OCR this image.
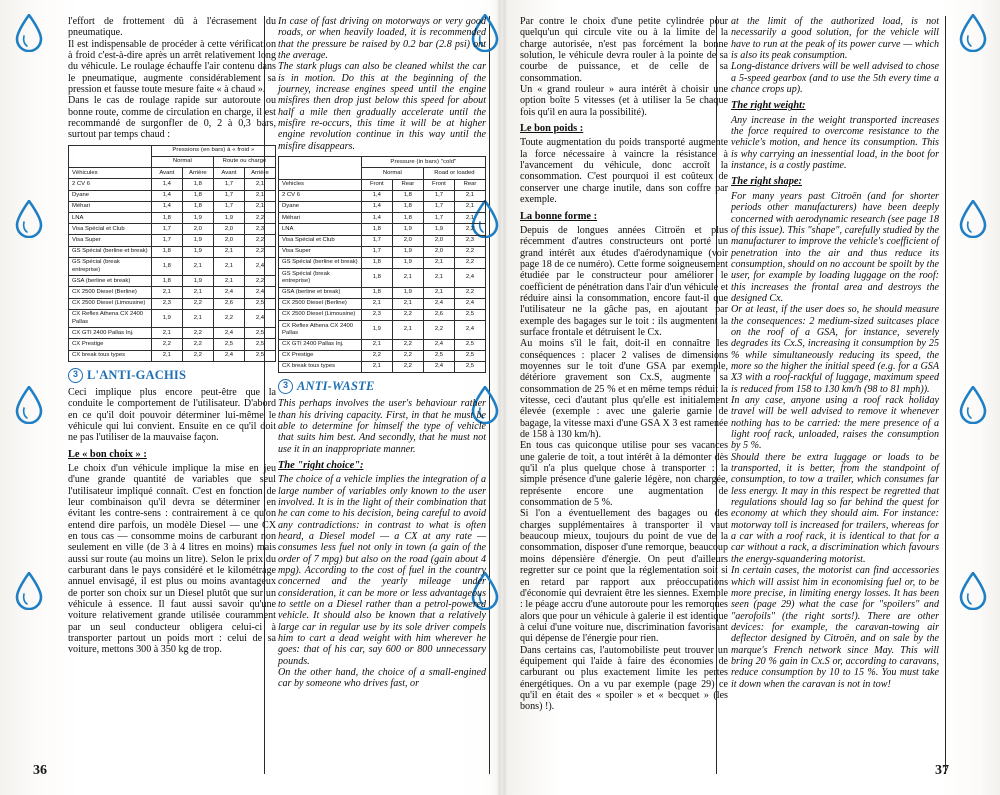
l'effort de frottement dû à l'écrasement du pneumatique.

Il est indispensable de procéder à cette vérification à froid c'est-à-dire après un arrêt relativement long du véhicule. Le roulage échauffe l'air contenu dans le pneumatique, augmente considérablement sa pression et fausse toute mesure faite « à chaud ».

Dans le cas de roulage rapide sur autoroute ou bonne route, comme de circulation en charge, il est recommandé de surgonfler de 0, 2 à 0,3 bars, surtout par temps chaud :

	Pressions (en bars) à « froid »			
	Normal		Route ou chargé	
Véhicules	Avant	Arrière	Avant	Arrière
2 CV 6	1,4	1,8	1,7	2,1
Dyane	1,4	1,8	1,7	2,1
Méhari	1,4	1,8	1,7	2,1
LNA	1,8	1,9	1,9	2,2
Visa Spécial et Club	1,7	2,0	2,0	2,3
Visa Super	1,7	1,9	2,0	2,2
GS Spécial (berline et break)	1,8	1,9	2,1	2,2
GS Spécial (break entreprise)	1,8	2,1	2,1	2,4
GSA (berline et break)	1,8	1,9	2,1	2,2
CX 2500 Diesel (Berline)	2,1	2,1	2,4	2,4
CX 2500 Diesel (Limousine)	2,3	2,2	2,6	2,5
CX Reflex Athena CX 2400 Pallas	1,9	2,1	2,2	2,4
CX GTI 2400 Pallas Inj.	2,1	2,2	2,4	2,5
CX Prestige	2,2	2,2	2,5	2,5
CX break tous types	2,1	2,2	2,4	2,5
3 L'ANTI-GACHIS

Ceci implique plus encore peut-être que la conduite le comportement de l'utilisateur. D'abord en ce qu'il doit pouvoir déterminer lui-même le véhicule qui lui convient. Ensuite en ce qu'il doit ne pas l'utiliser de la mauvaise façon.

Le « bon choix » :

Le choix d'un véhicule implique la mise en jeu d'une grande quantité de variables que seul l'utilisateur impliqué connaît. C'est en fonction de leur combinaison qu'il devra se déterminer en évitant les contre-sens : contrairement à ce qu'on entend dire parfois, un modèle Diesel — une CX en tous cas — consomme moins de carburant non seulement en ville (de 3 à 4 litres en moins) mais aussi sur route (au moins un litre). Selon le prix du carburant dans le pays considéré et le kilométrage annuel envisagé, il est plus ou moins avantageux de porter son choix sur un Diesel plutôt que sur un véhicule à essence. Il faut aussi savoir qu'une voiture relativement grande utilisée couramment par un seul conducteur obligera celui-ci à transporter partout un poids mort : celui de sa voiture, mettons 300 à 350 kg de trop.

In case of fast driving on motorways or very good roads, or when heavily loaded, it is recommended that the pressure be raised by 0.2 bar (2.8 psi) ont the average.

The stark plugs can also be cleaned whilst the car is in motion. Do this at the beginning of the journey, increase engines speed until the engine misfires then drop just below this speed for about half a mile then gradually accelerate until the misfire re-occurs, this time it will be at higher engine revolution continue in this way until the misfire disappears.

	Pressure (in bars) "cold"			
	Normal		Road or loaded	
Vehicles	Front	Rear	Front	Rear
2 CV 6	1,4	1,8	1,7	2,1
Dyane	1,4	1,8	1,7	2,1
Méhari	1,4	1,8	1,7	2,1
LNA	1,8	1,9	1,9	2,2
Visa Spécial et Club	1,7	2,0	2,0	2,3
Visa Super	1,7	1,9	2,0	2,2
GS Spécial (berline et break)	1,8	1,9	2,1	2,2
GS Spécial (break entreprise)	1,8	2,1	2,1	2,4
GSA (berline et break)	1,8	1,9	2,1	2,2
CX 2500 Diesel (Berline)	2,1	2,1	2,4	2,4
CX 2500 Diesel (Limousine)	2,3	2,2	2,6	2,5
CX Reflex Athena CX 2400 Pallas	1,9	2,1	2,2	2,4
CX GTI 2400 Pallas Inj.	2,1	2,2	2,4	2,5
CX Prestige	2,2	2,2	2,5	2,5
CX break tous types	2,1	2,2	2,4	2,5
3 ANTI-WASTE

This perhaps involves the user's behaviour rather than his driving capacity. First, in that he must be able to determine for himself the type of vehicle that suits him best. And secondly, that he must not use it in an inappropriate manner.

The "right choice":

The choice of a vehicle implies the integration of a large number of variables only known to the user involved. It is in the light of their combination that he can come to his decision, being careful to avoid any contradictions: in contrast to what is often heard, a Diesel model — a CX at any rate — consumes less fuel not only in town (a gain of the order of 7 mpg) but also on the road (gain about 4 mpg). According to the cost of fuel in the country concerned and the yearly mileage under consideration, it can be more or less advantageous to settle on a Diesel rather than a petrol-powered vehicle. It should also be known that a relatively large car in regular use by its sole driver compels him to cart a dead weight with him wherever he goes: that of his car, say 600 or 800 unnecessary pounds.

On the other hand, the choice of a small-engined car by someone who drives fast, or

Par contre le choix d'une petite cylindrée pour quelqu'un qui circule vite ou à la limite de la charge autorisée, n'est pas forcément la bonne solution, le véhicule devra rouler à la pointe de sa courbe de puissance, et de celle de sa consommation.

Un « grand rouleur » aura intérêt à choisir une option boîte 5 vitesses (et à utiliser la 5e chaque fois qu'il en aura la possibilité).

Le bon poids :

Toute augmentation du poids transporté augmente la force nécessaire à vaincre la résistance à l'avancement du véhicule, donc accroît la consommation. C'est pourquoi il est coûteux de conserver une charge inutile, dans son coffre par exemple.

La bonne forme :

Depuis de longues années Citroën et plus récemment d'autres constructeurs ont porté un grand intérêt aux études d'aérodynamique (voir page 18 de ce numéro). Cette forme soigneusement étudiée par le constructeur pour améliorer le coefficient de pénétration dans l'air d'un véhicule et réduire ainsi la consommation, encore faut-il que l'utilisateur ne la gâche pas, en ajoutant par exemple des bagages sur le toit : ils augmentent la surface frontale et détruisent le Cx.

Au moins s'il le fait, doit-il en connaître les conséquences : placer 2 valises de dimensions moyennes sur le toit d'une GSA par exemple, détériore gravement son Cx.S, augmente sa consommation de 25 % et en même temps réduit la vitesse, ceci d'autant plus qu'elle est initialement élevée (exemple : avec une galerie garnie de bagage, la vitesse maxi d'une GSA X 3 est ramenée de 158 à 130 km/h).

En tous cas quiconque utilise pour ses vacances une galerie de toit, a tout intérêt à la démonter dès qu'il n'a plus quelque chose à transporter : la simple présence d'une galerie légère, non chargée, représente encore une augmentation de consommation de 5 %.

Si l'on a éventuellement des bagages ou des charges supplémentaires à transporter il vaut beaucoup mieux, toujours du point de vue de la consommation, disposer d'une remorque, beaucoup moins dépensière d'énergie. On peut d'ailleurs regretter sur ce point que la réglementation soit si en retard par rapport aux préoccupations d'économie qui devraient être les siennes. Exemple : le péage accru d'une autoroute pour les remorques alors que pour un véhicule à galerie il est identique à celui d'une voiture nue, discrimination favorisant qui dépense de l'énergie pour rien.

Dans certains cas, l'automobiliste peut trouver un équipement qui l'aide à faire des économies de carburant ou plus exactement limite les pertes énergétiques. On a vu par exemple (page 29) ce qu'il en était des « spoiler » et « becquet » (les bons) !).

at the limit of the authorized load, is not necessarily a good solution, for the vehicle will have to run at the peak of its power curve — which is also its peak consumption.

Long-distance drivers will be well advised to chose a 5-speed gearbox (and to use the 5th every time a chance crops up).

The right weight:

Any increase in the weight transported increases the force required to overcome resistance to the vehicle's motion, and hence its consumption. This is why carrying an inessential load, in the boot for instance, is a costly pastime.

The right shape:

For many years past Citroën (and for shorter periods other manufacturers) have been deeply concerned with aerodynamic research (see page 18 of this issue). This "shape", carefully studied by the manufacturer to improve the vehicle's coefficient of penetration into the air and thus reduce its consumption, should on no account be spoilt by the user, for example by loading luggage on the roof: this increases the frontal area and destroys the designed Cx.

Or at least, if the user does so, he should measure the consequences: 2 medium-sized suitcases place on the roof of a GSA, for instance, severely degrades its Cx.S, increasing it consumption by 25 % while simultaneously reducing its speed, the more so the higher the initial speed (e.g. for a GSA X3 with a roof-rackful of luggage, maximum speed is reduced from 158 to 130 km/h (98 to 81 mph)).

In any case, anyone using a roof rack holiday travel will be well advised to remove it whenever nothing has to be carried: the mere presence of a light roof rack, unloaded, raises the consumption by 5 %.

Should there be extra luggage or loads to be transported, it is better, from the standpoint of consumption, to tow a trailer, which consumes far less energy. It may in this respect be regretted that regulations should lag so far behind the quest for economy at which they should aim. For instance: motorway toll is increased for trailers, whereas for a car with a roof rack, it is identical to that for a car without a rack, a discrimination which favours the energy-squandering motorist.

In certain cases, the motorist can find accessories which will assist him in economising fuel or, to be more precise, in limiting energy losses. It has been seen (page 29) what the case for "spoilers" and "aerofoils" (the right sorts!). There are other devices: for example, the caravan-towing air deflector designed by Citroën, and on sale by the marque's French network since May. This will bring 20 % gain in Cx.S or, according to caravans, reduce consumption by 10 to 15 %. You must take it down when the caravan is not in tow!

36	37
